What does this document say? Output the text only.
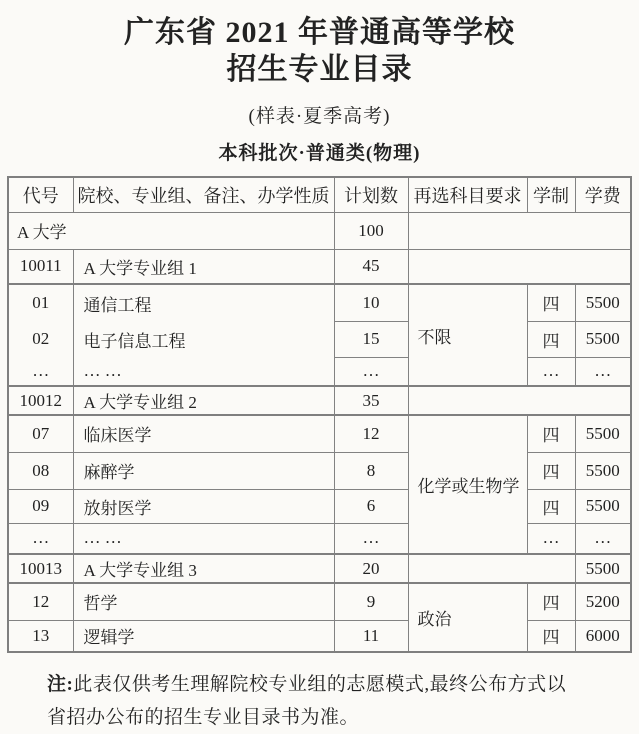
广东省 2021 年普通高等学校
招生专业目录
(样表·夏季高考)
本科批次·普通类(物理)
代号	院校、专业组、备注、办学性质	计划数	再选科目要求	学制	学费
A 大学		100			
10011	A 大学专业组 1	45			
01	通信工程	10	不限	四	5500
02	电子信息工程	15		四	5500
…	… …	…		…	…
10012	A 大学专业组 2	35			
07	临床医学	12	化学或生物学	四	5500
08	麻醉学	8		四	5500
09	放射医学	6		四	5500
…	… …	…		…	…
10013	A 大学专业组 3	20			5500
12	哲学	9	政治	四	5200
13	逻辑学	11		四	6000
注:此表仅供考生理解院校专业组的志愿模式,最终公布方式以
省招办公布的招生专业目录书为准。
